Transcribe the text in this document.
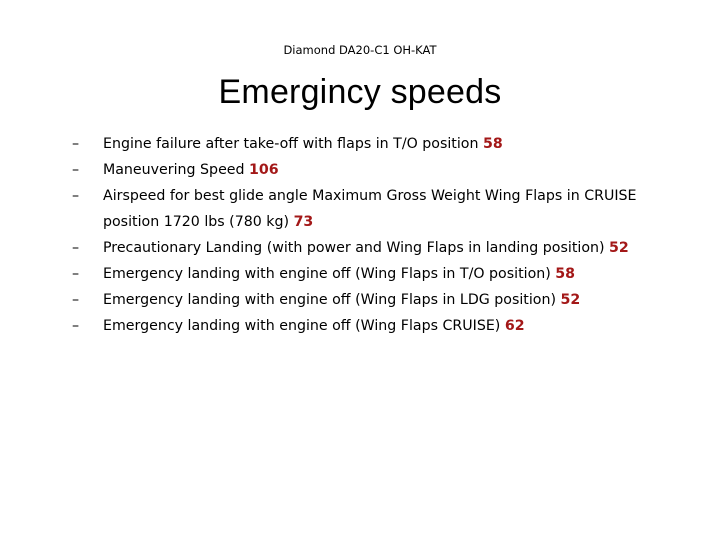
Diamond DA20-C1 OH-KAT
Emergincy speeds
–	Engine failure after take-off with flaps in T/O position 58
–	Maneuvering Speed 106
–	Airspeed for best glide angle Maximum Gross Weight Wing Flaps in CRUISE position 1720 lbs (780 kg) 73
–	Precautionary Landing (with power and Wing Flaps in landing position) 52
–	Emergency landing with engine off (Wing Flaps in T/O position) 58
–	Emergency landing with engine off (Wing Flaps in LDG position) 52
–	Emergency landing with engine off (Wing Flaps CRUISE) 62
